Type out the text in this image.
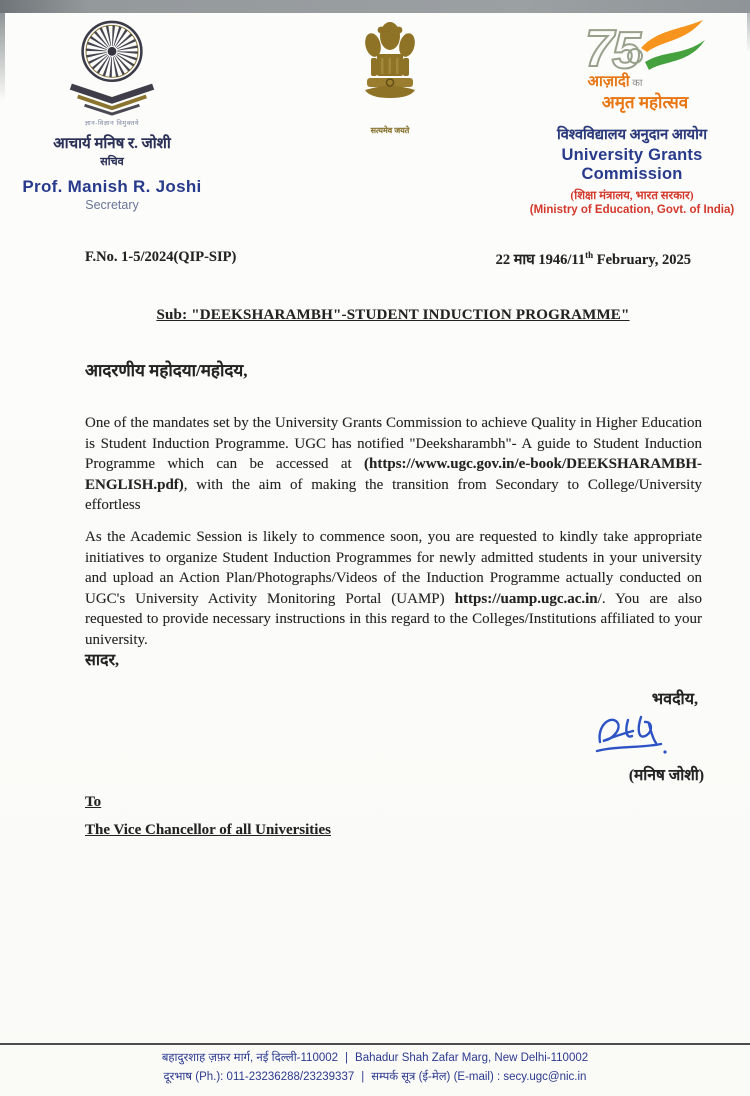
ज्ञान-विज्ञान विमुक्तये
आचार्य मनिष र. जोशी
सचिव
Prof. Manish R. Joshi
Secretary
सत्यमेव जयते
7
5
आज़ादी का
अमृत महोत्सव
विश्वविद्यालय अनुदान आयोग
University Grants Commission
(शिक्षा मंत्रालय, भारत सरकार)
(Ministry of Education, Govt. of India)
F.No. 1-5/2024(QIP-SIP)	22 माघ 1946/11th February, 2025
Sub: "DEEKSHARAMBH"-STUDENT INDUCTION PROGRAMME"
आदरणीय महोदया/महोदय,

One of the mandates set by the University Grants Commission to achieve Quality in Higher Education is Student Induction Programme. UGC has notified "Deeksharambh"- A guide to Student Induction Programme which can be accessed at (https://www.ugc.gov.in/e-book/DEEKSHARAMBH-ENGLISH.pdf), with the aim of making the transition from Secondary to College/University effortless

As the Academic Session is likely to commence soon, you are requested to kindly take appropriate initiatives to organize Student Induction Programmes for newly admitted students in your university and upload an Action Plan/Photographs/Videos of the Induction Programme actually conducted on UGC's University Activity Monitoring Portal (UAMP) https://uamp.ugc.ac.in/. You are also requested to provide necessary instructions in this regard to the Colleges/Institutions affiliated to your university.

सादर,
भवदीय,
(मनिष जोशी)
To
The Vice Chancellor of all Universities
बहादुरशाह ज़फ़र मार्ग, नई दिल्ली-110002 | Bahadur Shah Zafar Marg, New Delhi-110002
दूरभाष (Ph.): 011-23236288/23239337 | सम्पर्क सूत्र (ई-मेल) (E-mail) : secy.ugc@nic.in
